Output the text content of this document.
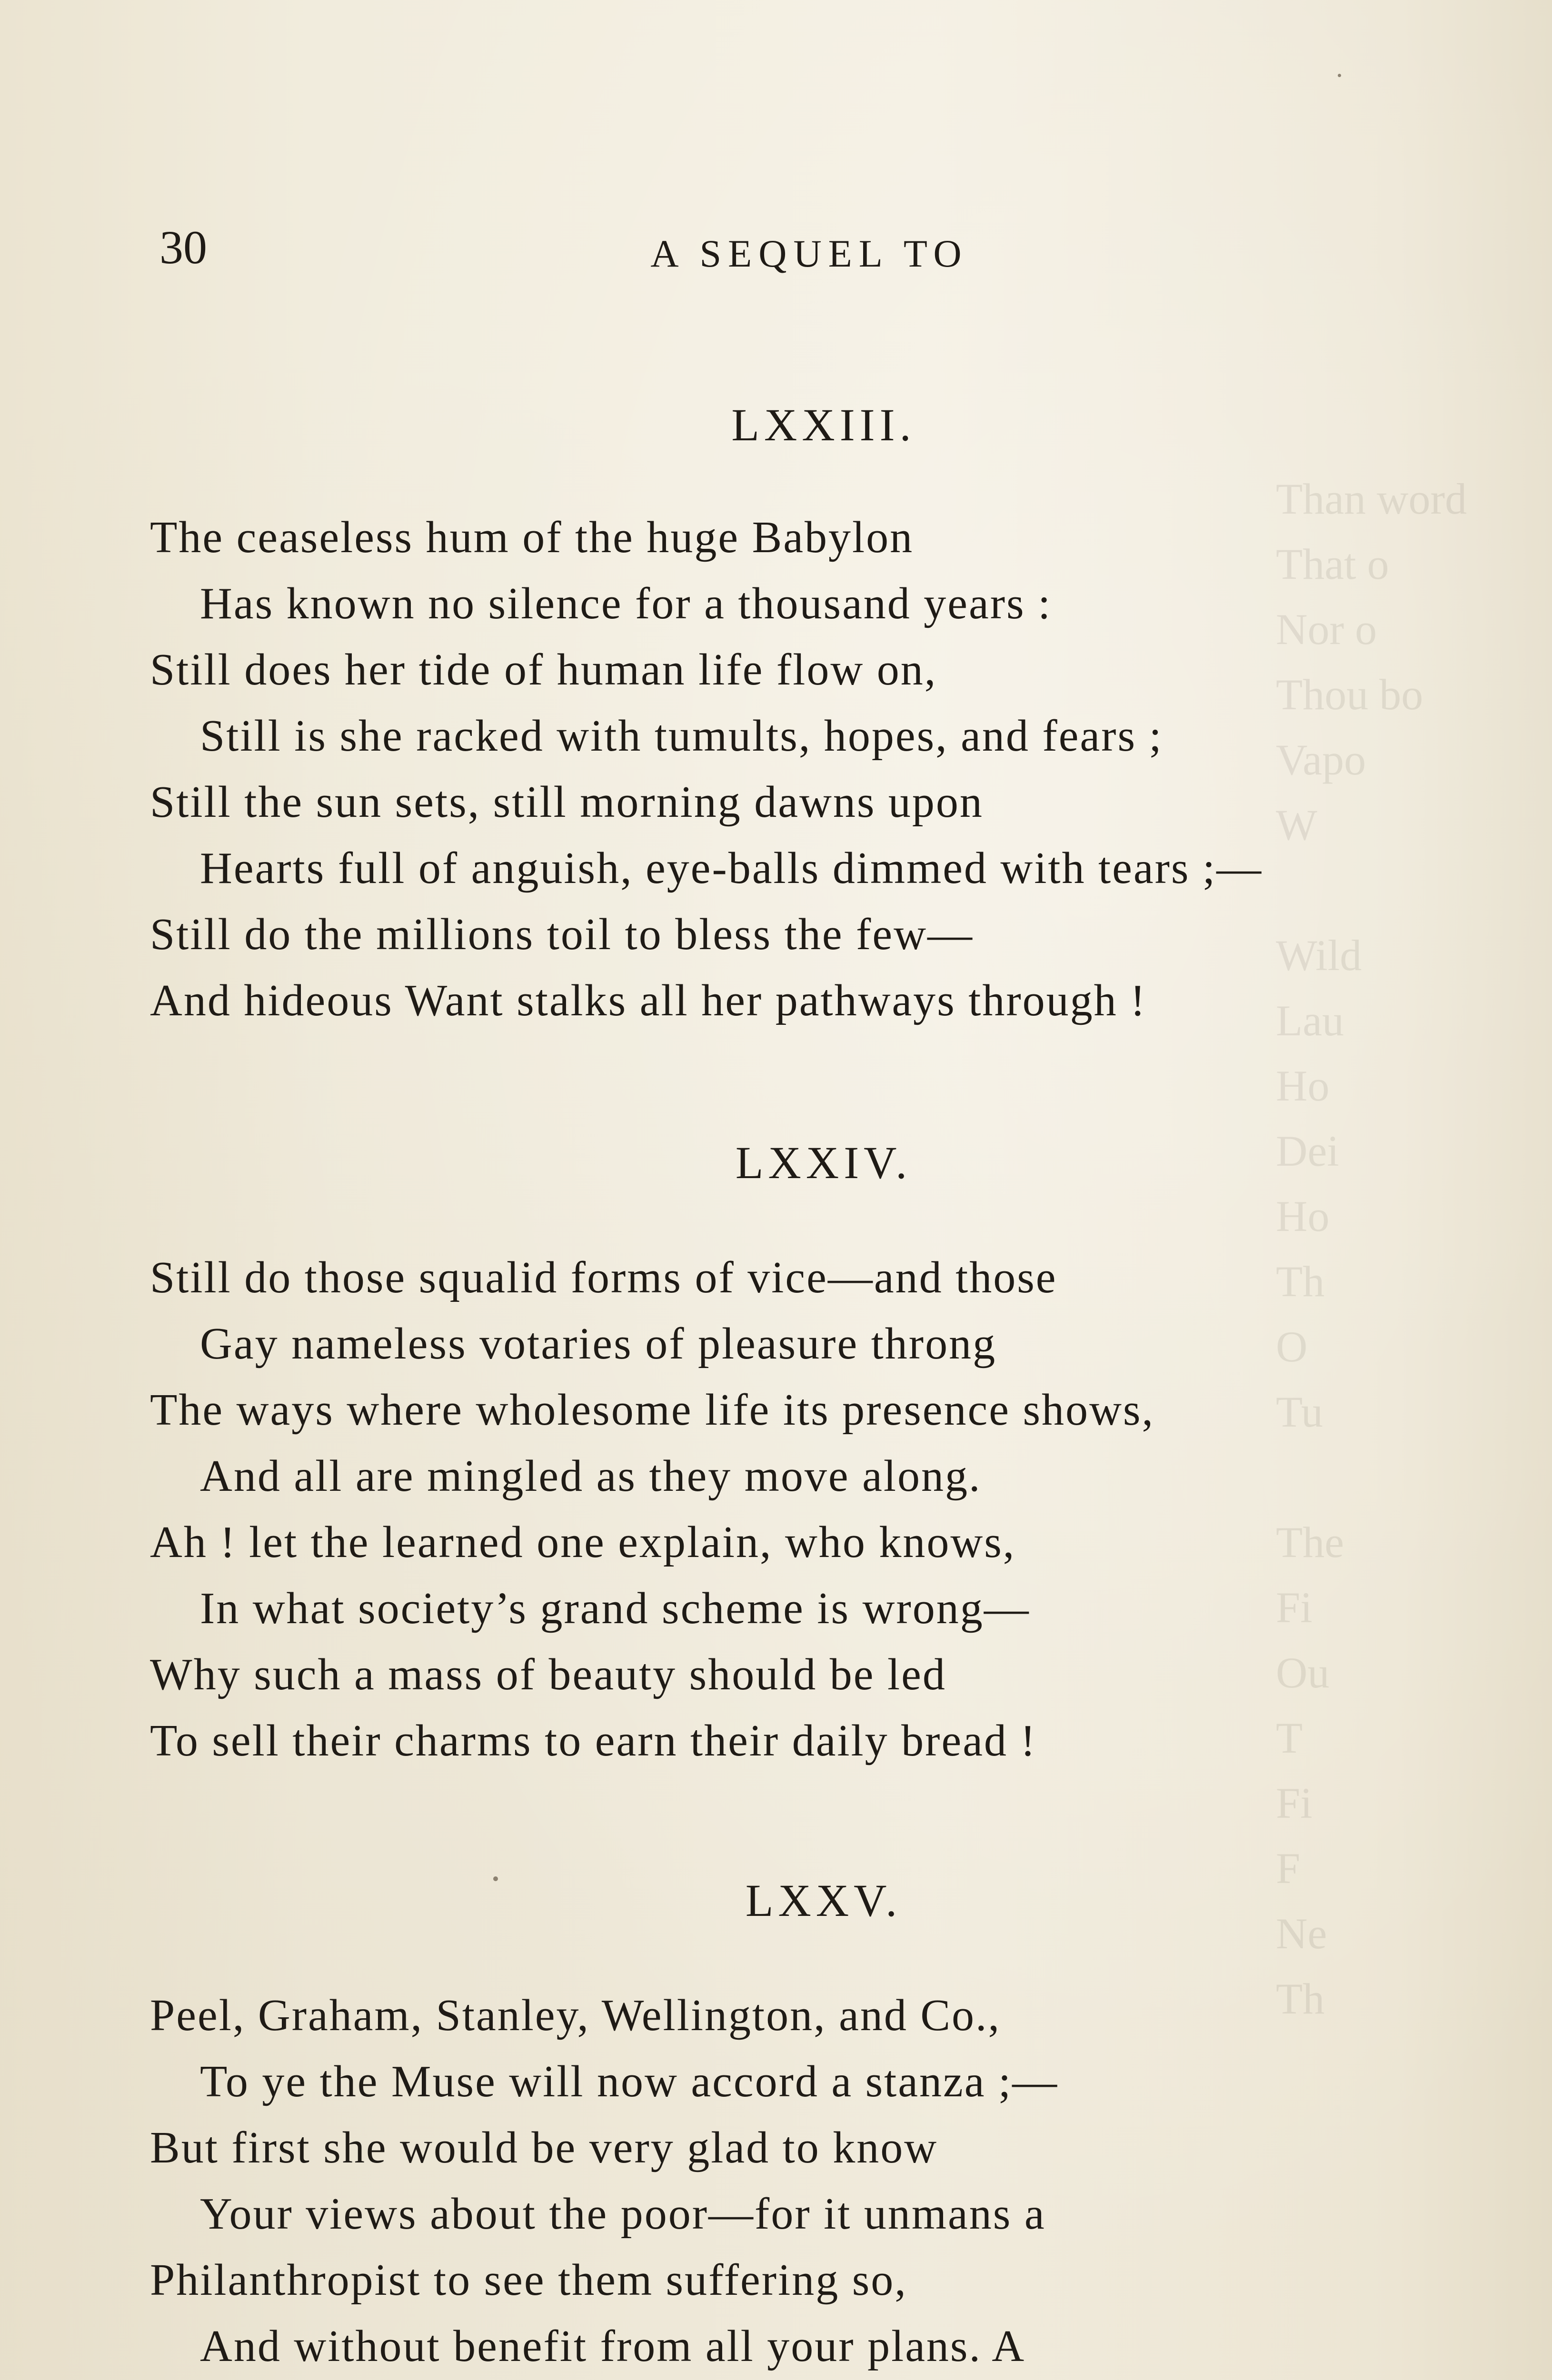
Than word
That o
Nor o
Thou bo
Vapo
W

Wild
Lau
Ho
Dei
Ho
Th
O
Tu

The
Fi
Ou
T
Fi
F
Ne
Th
30	A SEQUEL TO
LXXIII.
The ceaseless hum of the huge Babylon
Has known no silence for a thousand years :
Still does her tide of human life flow on,
Still is she racked with tumults, hopes, and fears ;
Still the sun sets, still morning dawns upon
Hearts full of anguish, eye-balls dimmed with tears ;—
Still do the millions toil to bless the few—
And hideous Want stalks all her pathways through !
LXXIV.
Still do those squalid forms of vice—and those
Gay nameless votaries of pleasure throng
The ways where wholesome life its presence shows,
And all are mingled as they move along.
Ah ! let the learned one explain, who knows,
In what society’s grand scheme is wrong—
Why such a mass of beauty should be led
To sell their charms to earn their daily bread !
LXXV.
Peel, Graham, Stanley, Wellington, and Co.,
To ye the Muse will now accord a stanza ;—
But first she would be very glad to know
Your views about the poor—for it unmans a
Philanthropist to see them suffering so,
And without benefit from all your plans. A
